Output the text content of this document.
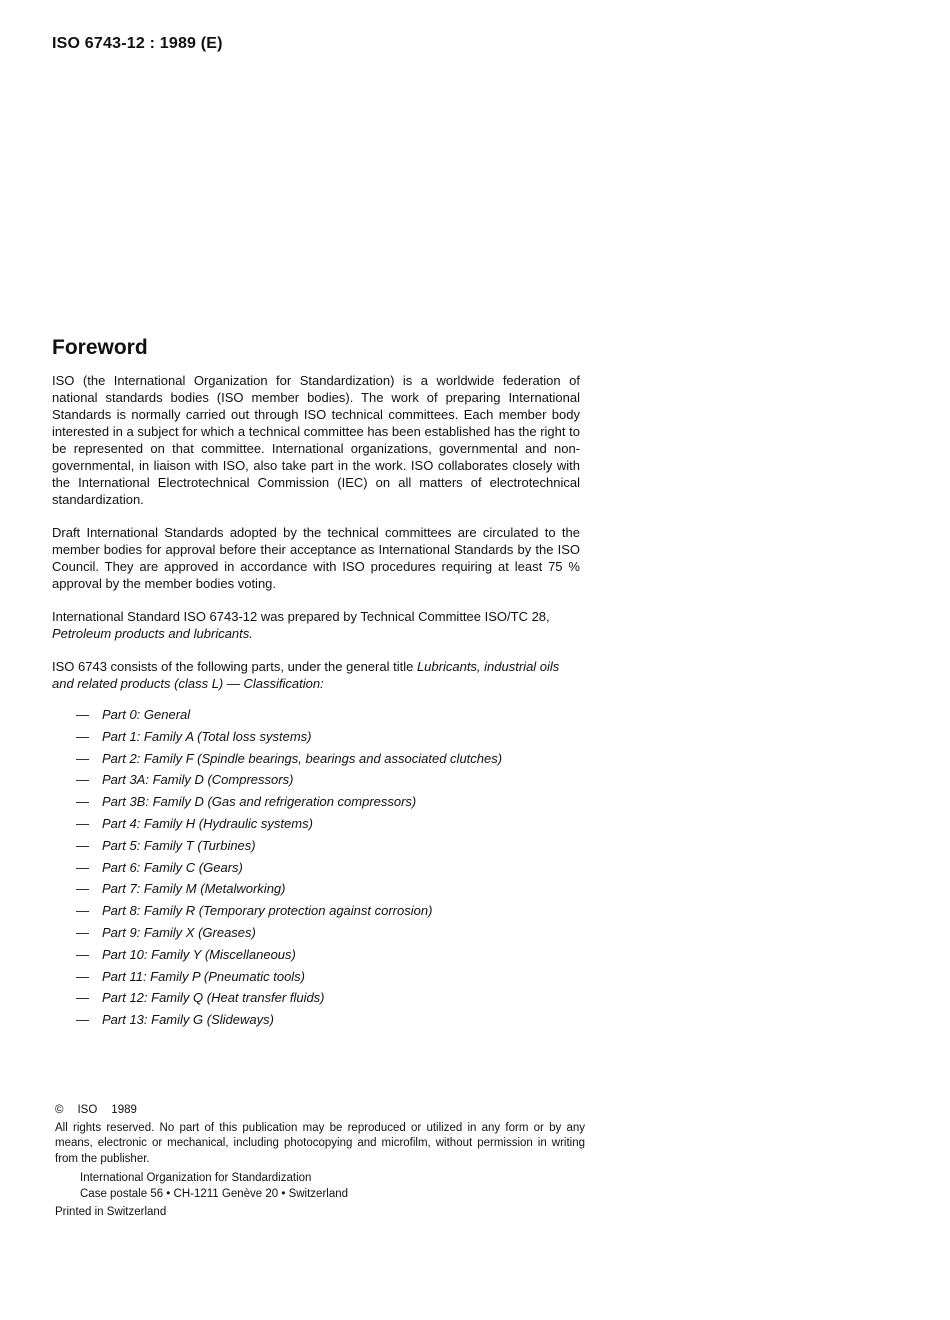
ISO 6743-12 : 1989 (E)
Foreword

ISO (the International Organization for Standardization) is a worldwide federation of national standards bodies (ISO member bodies). The work of preparing International Standards is normally carried out through ISO technical committees. Each member body interested in a subject for which a technical committee has been established has the right to be represented on that committee. International organizations, governmental and non-governmental, in liaison with ISO, also take part in the work. ISO collaborates closely with the International Electrotechnical Commission (IEC) on all matters of electrotechnical standardization.

Draft International Standards adopted by the technical committees are circulated to the member bodies for approval before their acceptance as International Standards by the ISO Council. They are approved in accordance with ISO procedures requiring at least 75 % approval by the member bodies voting.

International Standard ISO 6743-12 was prepared by Technical Committee ISO/TC 28, Petroleum products and lubricants.

ISO 6743 consists of the following parts, under the general title Lubricants, industrial oils and related products (class L) — Classification:

— Part 0: General
— Part 1: Family A (Total loss systems)
— Part 2: Family F (Spindle bearings, bearings and associated clutches)
— Part 3A: Family D (Compressors)
— Part 3B: Family D (Gas and refrigeration compressors)
— Part 4: Family H (Hydraulic systems)
— Part 5: Family T (Turbines)
— Part 6: Family C (Gears)
— Part 7: Family M (Metalworking)
— Part 8: Family R (Temporary protection against corrosion)
— Part 9: Family X (Greases)
— Part 10: Family Y (Miscellaneous)
— Part 11: Family P (Pneumatic tools)
— Part 12: Family Q (Heat transfer fluids)
— Part 13: Family G (Slideways)

© ISO 1989

All rights reserved. No part of this publication may be reproduced or utilized in any form or by any means, electronic or mechanical, including photocopying and microfilm, without permission in writing from the publisher.

International Organization for Standardization

Case postale 56 • CH-1211 Genève 20 • Switzerland

Printed in Switzerland
